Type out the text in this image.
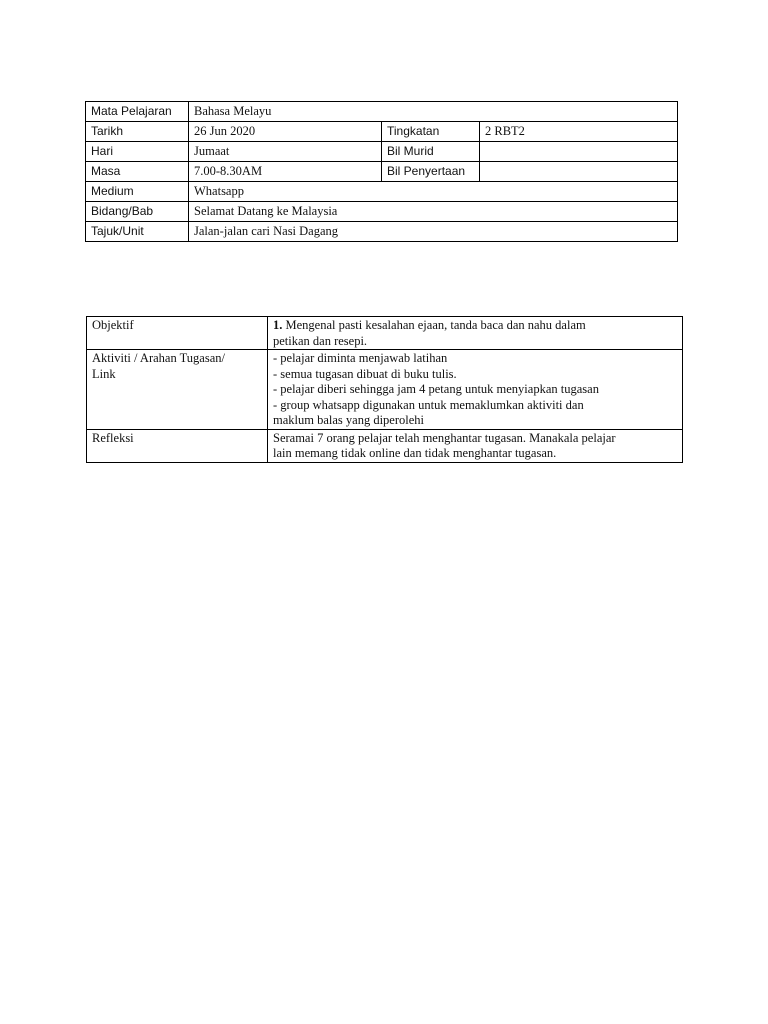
Mata Pelajaran	Bahasa Melayu		
Tarikh	26 Jun 2020	Tingkatan	2 RBT2
Hari	Jumaat	Bil Murid	
Masa	7.00-8.30AM	Bil Penyertaan	
Medium	Whatsapp		
Bidang/Bab	Selamat Datang ke Malaysia		
Tajuk/Unit	Jalan-jalan cari Nasi Dagang		
Objektif	1. Mengenal pasti kesalahan ejaan, tanda baca dan nahu dalam
petikan dan resepi.

Aktiviti / Arahan Tugasan/
Link	- pelajar diminta menjawab latihan
- semua tugasan dibuat di buku tulis.
- pelajar diberi sehingga jam 4 petang untuk menyiapkan tugasan
- group whatsapp digunakan untuk memaklumkan aktiviti dan
maklum balas yang diperolehi

Refleksi	Seramai 7 orang pelajar telah menghantar tugasan. Manakala pelajar
lain memang tidak online dan tidak menghantar tugasan.
